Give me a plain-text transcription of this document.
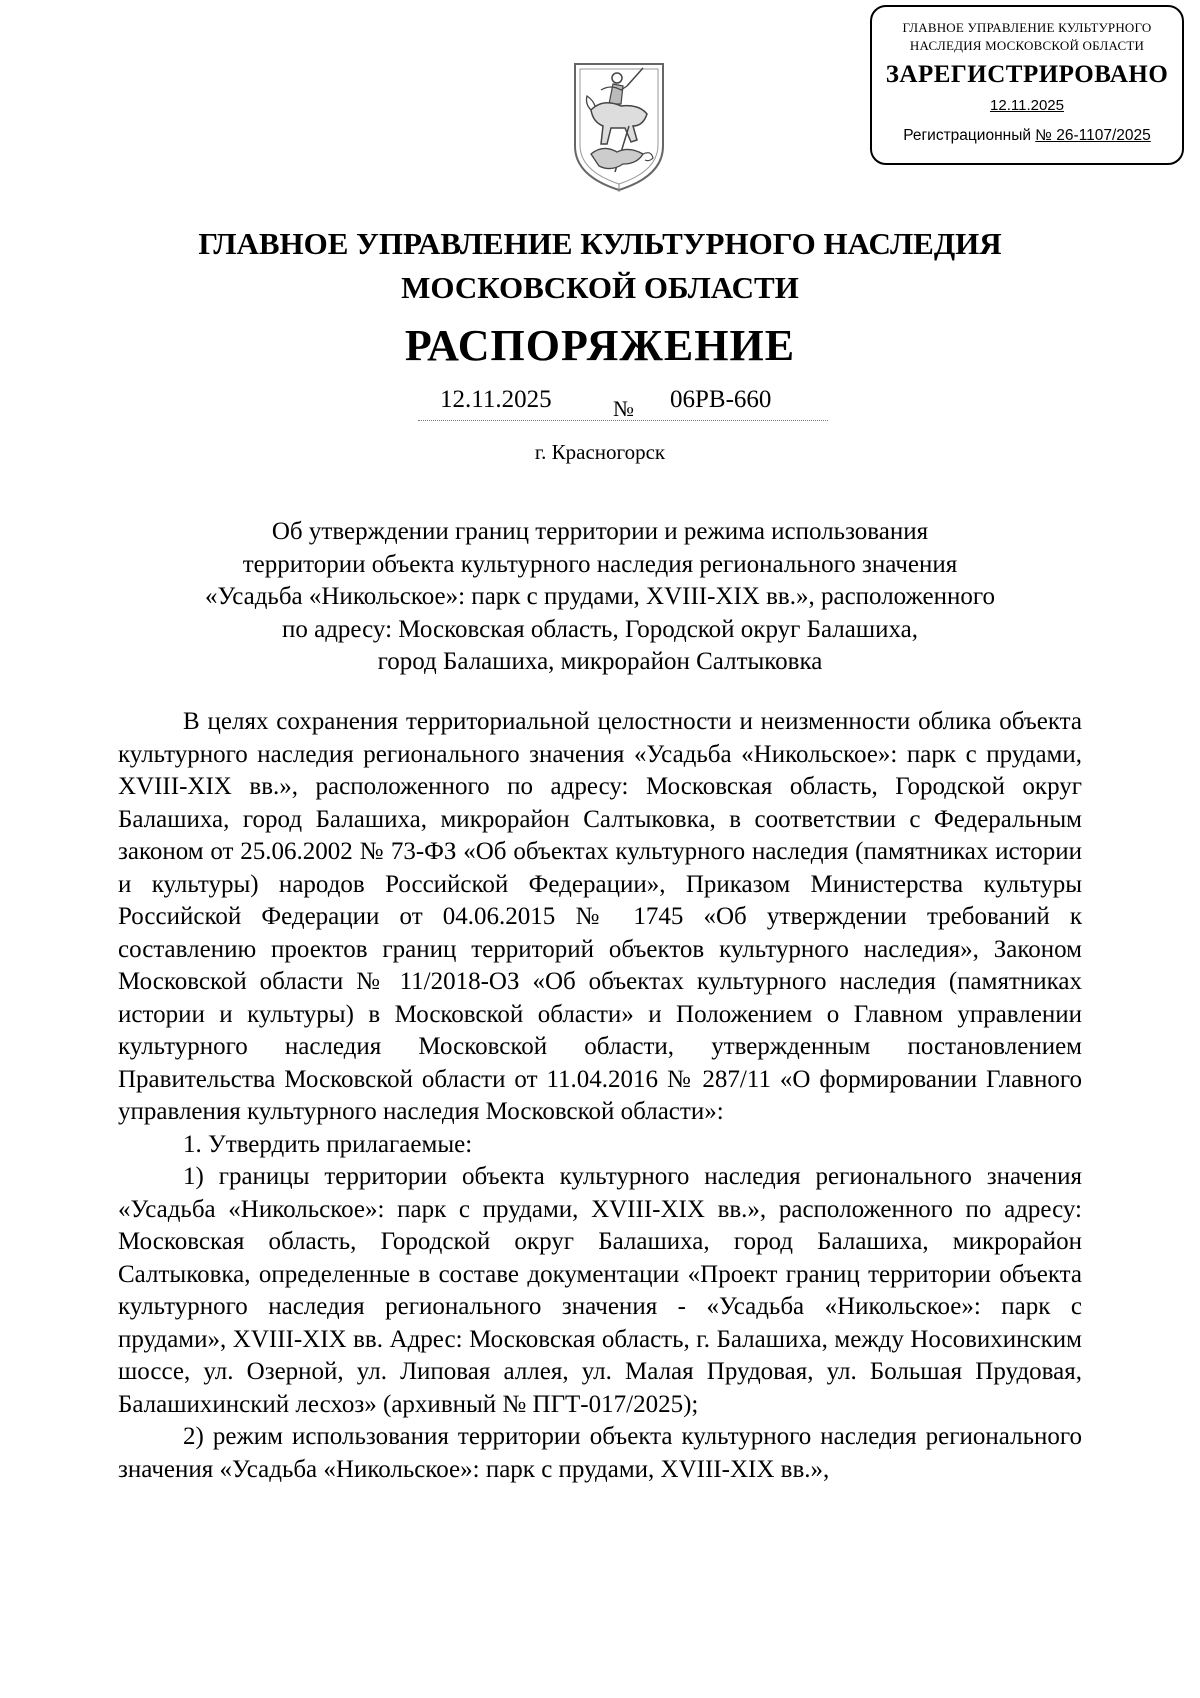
ГЛАВНОЕ УПРАВЛЕНИЕ КУЛЬТУРНОГО
НАСЛЕДИЯ МОСКОВСКОЙ ОБЛАСТИ
ЗАРЕГИСТРИРОВАНО
12.11.2025
Регистрационный № 26-1107/2025
ГЛАВНОЕ УПРАВЛЕНИЕ КУЛЬТУРНОГО НАСЛЕДИЯ
МОСКОВСКОЙ ОБЛАСТИ
РАСПОРЯЖЕНИЕ
12.11.2025	№ 06РВ-660
г. Красногорск
Об утверждении границ территории и режима использования
территории объекта культурного наследия регионального значения
«Усадьба «Никольское»: парк с прудами, XVIII-XIX вв.», расположенного
по адресу: Московская область, Городской округ Балашиха,
город Балашиха, микрорайон Салтыковка

В целях сохранения территориальной целостности и неизменности облика объекта культурного наследия регионального значения «Усадьба «Никольское»: парк с прудами, XVIII-XIX вв.», расположенного по адресу: Московская область, Городской округ Балашиха, город Балашиха, микрорайон Салтыковка, в соответствии с Федеральным законом от 25.06.2002 № 73-ФЗ «Об объектах культурного наследия (памятниках истории и культуры) народов Российской Федерации», Приказом Министерства культуры Российской Федерации от 04.06.2015 № 1745 «Об утверждении требований к составлению проектов границ территорий объектов культурного наследия», Законом Московской области № 11/2018-ОЗ «Об объектах культурного наследия (памятниках истории и культуры) в Московской области» и Положением о Главном управлении культурного наследия Московской области, утвержденным постановлением Правительства Московской области от 11.04.2016 № 287/11 «О формировании Главного управления культурного наследия Московской области»:

1. Утвердить прилагаемые:

1) границы территории объекта культурного наследия регионального значения «Усадьба «Никольское»: парк с прудами, XVIII-XIX вв.», расположенного по адресу: Московская область, Городской округ Балашиха, город Балашиха, микрорайон Салтыковка, определенные в составе документации «Проект границ территории объекта культурного наследия регионального значения - «Усадьба «Никольское»: парк с прудами», XVIII-XIX вв. Адрес: Московская область, г. Балашиха, между Носовихинским шоссе, ул. Озерной, ул. Липовая аллея, ул. Малая Прудовая, ул. Большая Прудовая, Балашихинский лесхоз» (архивный № ПГТ-017/2025);

2) режим использования территории объекта культурного наследия регионального значения «Усадьба «Никольское»: парк с прудами, XVIII-XIX вв.»,
